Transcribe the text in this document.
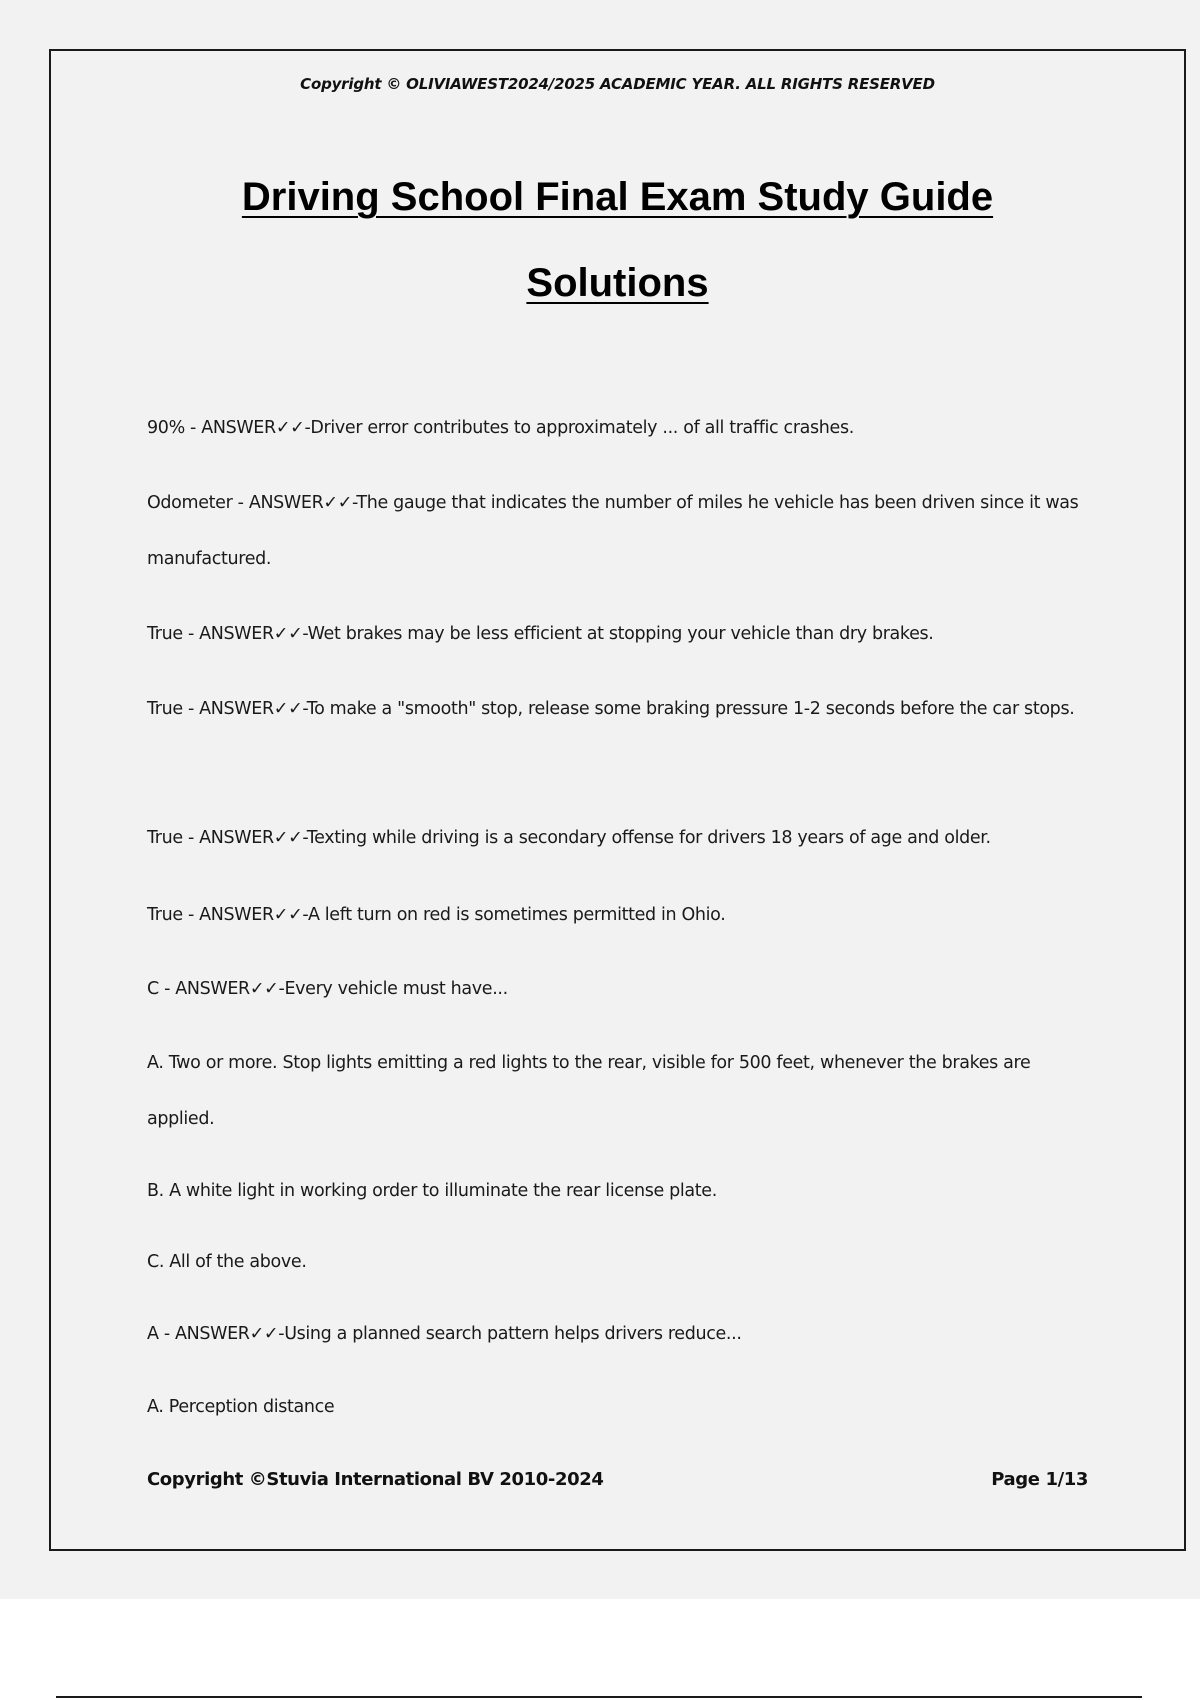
Copyright © OLIVIAWEST2024/2025 ACADEMIC YEAR. ALL RIGHTS RESERVED
Driving School Final Exam Study Guide
Solutions

90% - ANSWER✓✓-Driver error contributes to approximately ... of all traffic crashes.

Odometer - ANSWER✓✓-The gauge that indicates the number of miles he vehicle has been driven since it was manufactured.

True - ANSWER✓✓-Wet brakes may be less efficient at stopping your vehicle than dry brakes.

True - ANSWER✓✓-To make a "smooth" stop, release some braking pressure 1-2 seconds before the car stops.

True - ANSWER✓✓-Texting while driving is a secondary offense for drivers 18 years of age and older.

True - ANSWER✓✓-A left turn on red is sometimes permitted in Ohio.

C - ANSWER✓✓-Every vehicle must have...

A. Two or more. Stop lights emitting a red lights to the rear, visible for 500 feet, whenever the brakes are applied.

B. A white light in working order to illuminate the rear license plate.

C. All of the above.

A - ANSWER✓✓-Using a planned search pattern helps drivers reduce...

A. Perception distance

Copyright ©Stuvia International BV 2010-2024	Page 1/13
